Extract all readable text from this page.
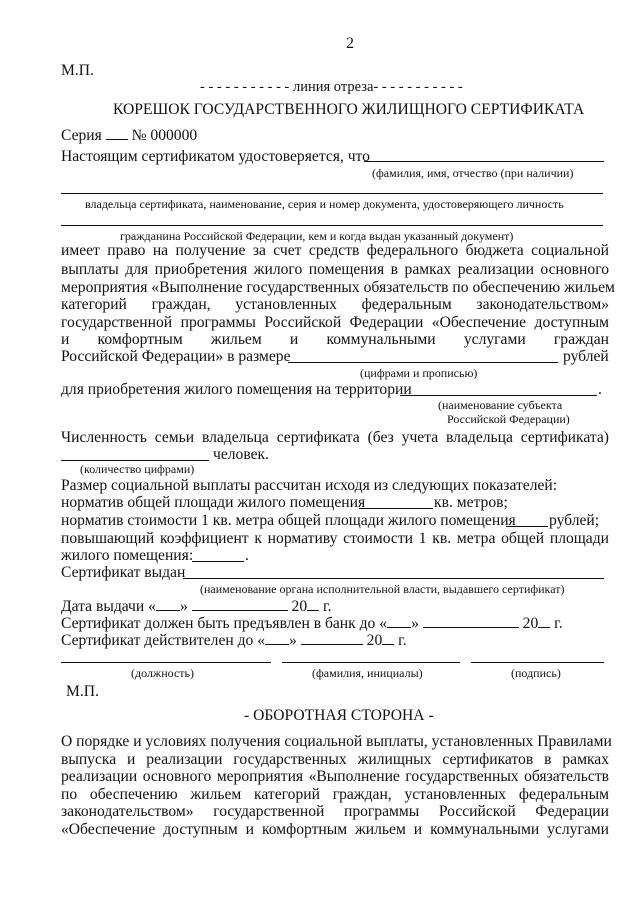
2
М.П.
- - - - - - - - - - - линия отреза- - - - - - - - - - -
КОРЕШОК ГОСУДАРСТВЕННОГО ЖИЛИЩНОГО СЕРТИФИКАТА
Серия № 000000
Настоящим сертификатом удостоверяется, что
(фамилия, имя, отчество (при наличии)
владельца сертификата, наименование, серия и номер документа, удостоверяющего личность
гражданина Российской Федерации, кем и когда выдан указанный документ)
имеет право на получение за счет средств федерального бюджета социальной
выплаты для приобретения жилого помещения в рамках реализации основного
мероприятия «Выполнение государственных обязательств по обеспечению жильем
категорий граждан, установленных федеральным законодательством»
государственной программы Российской Федерации «Обеспечение доступным
и комфортным жильем и коммунальными услугами граждан
Российской Федерации» в размере	рублей
(цифрами и прописью)
для приобретения жилого помещения на территории	.
(наименование субъекта
Российской Федерации)
Численность семьи владельца сертификата (без учета владельца сертификата)
человек.
(количество цифрами)
Размер социальной выплаты рассчитан исходя из следующих показателей:
норматив общей площади жилого помещения	кв. метров;
норматив стоимости 1 кв. метра общей площади жилого помещения рублей;
повышающий коэффициент к нормативу стоимости 1 кв. метра общей площади
жилого помещения:	.
Сертификат выдан
(наименование органа исполнительной власти, выдавшего сертификат)
Дата выдачи « »	20 г.
Сертификат должен быть предъявлен в банк до « »	20 г.
Сертификат действителен до « »	20 г.
(должность)	(фамилия, инициалы)	(подпись)
М.П.
- ОБОРОТНАЯ СТОРОНА -
О порядке и условиях получения социальной выплаты, установленных Правилами
выпуска и реализации государственных жилищных сертификатов в рамках
реализации основного мероприятия «Выполнение государственных обязательств
по обеспечению жильем категорий граждан, установленных федеральным
законодательством» государственной программы Российской Федерации
«Обеспечение доступным и комфортным жильем и коммунальными услугами
